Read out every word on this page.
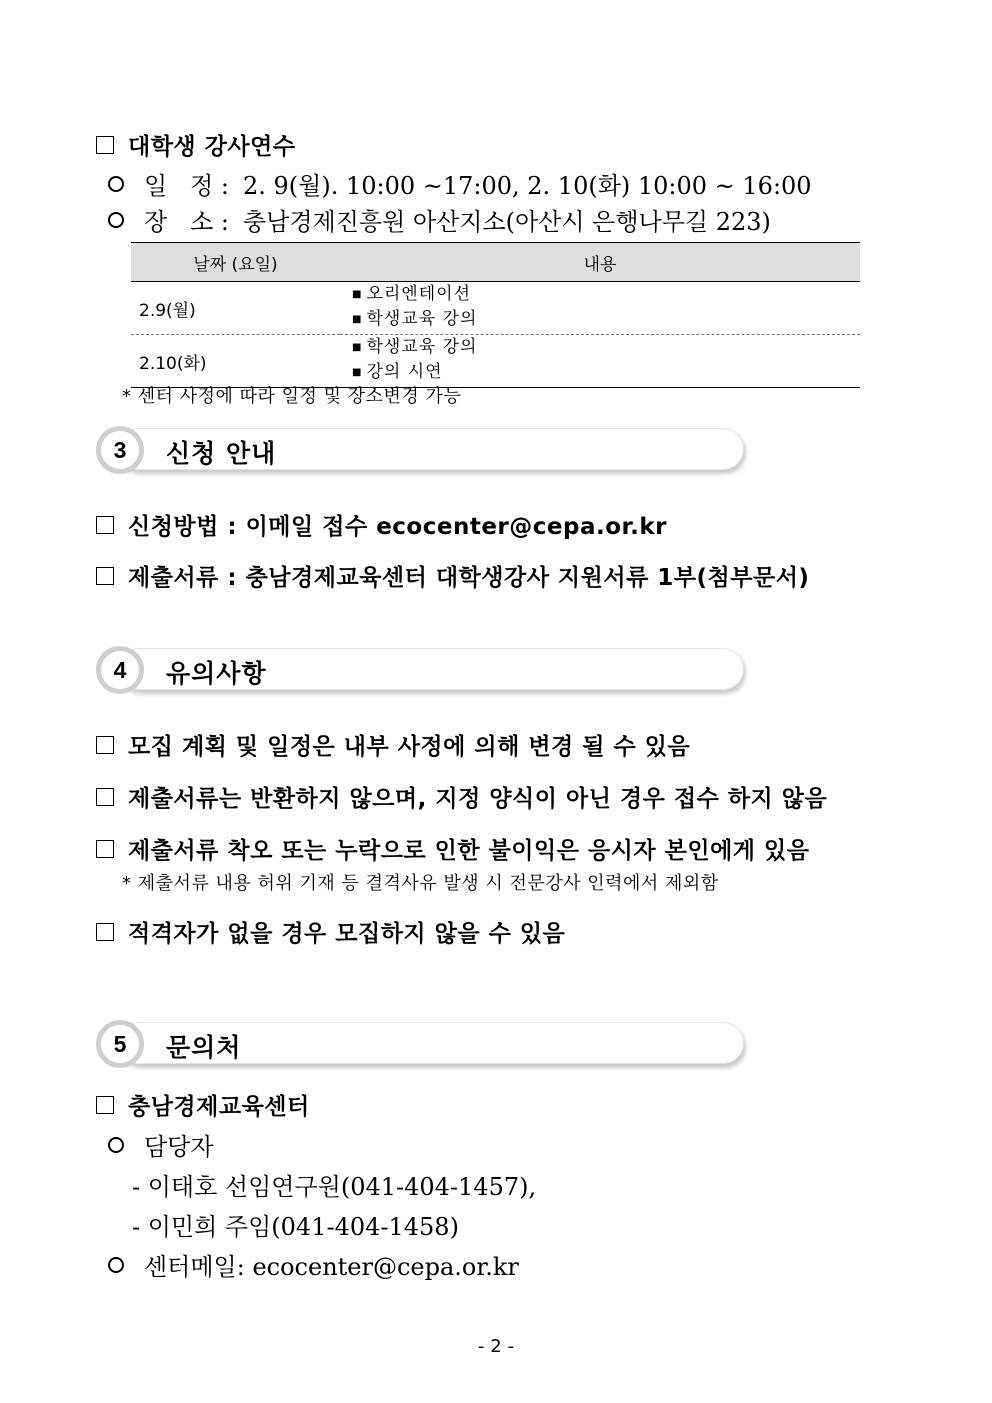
대학생 강사연수
일   정 : 2. 9(월). 10:00 ~17:00, 2. 10(화) 10:00 ~ 16:00
장   소 : 충남경제진흥원 아산지소(아산시 은행나무길 223)
날짜 (요일)	내용
2.9(월)	■ 오리엔테이션
■ 학생교육 강의

2.10(화)	■ 학생교육 강의
■ 강의 시연
* 센터 사정에 따라 일정 및 장소변경 가능
3	신청 안내
신청방법 : 이메일 접수 ecocenter@cepa.or.kr
제출서류 : 충남경제교육센터 대학생강사 지원서류 1부(첨부문서)
4	유의사항
모집 계획 및 일정은 내부 사정에 의해 변경 될 수 있음
제출서류는 반환하지 않으며, 지정 양식이 아닌 경우 접수 하지 않음
제출서류 착오 또는 누락으로 인한 불이익은 응시자 본인에게 있음
* 제출서류 내용 허위 기재 등 결격사유 발생 시 전문강사 인력에서 제외함
적격자가 없을 경우 모집하지 않을 수 있음
5	문의처
충남경제교육센터
담당자
- 이태호 선임연구원(041-404-1457),
- 이민희 주임(041-404-1458)
센터메일: ecocenter@cepa.or.kr
- 2 -
